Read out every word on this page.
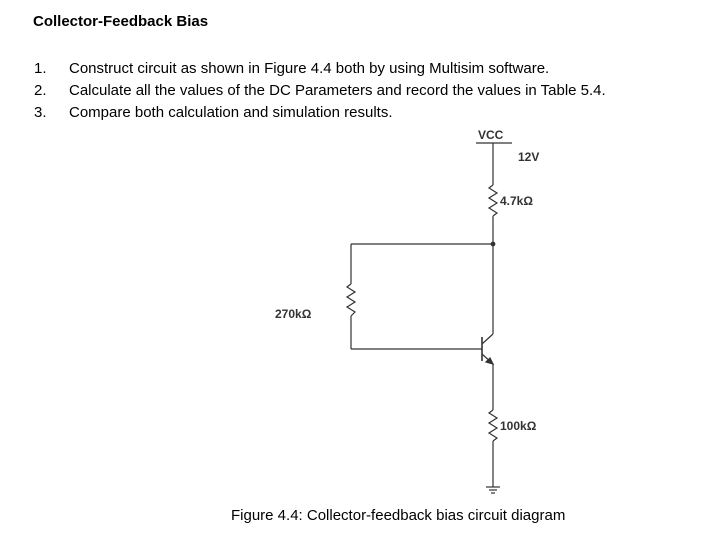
Collector-Feedback Bias
1. Construct circuit as shown in Figure 4.4 both by using Multisim software.
2. Calculate all the values of the DC Parameters and record the values in Table 5.4.
3. Compare both calculation and simulation results.
VCC
12V
4.7kΩ
270kΩ
100kΩ

Figure 4.4: Collector-feedback bias circuit diagram
